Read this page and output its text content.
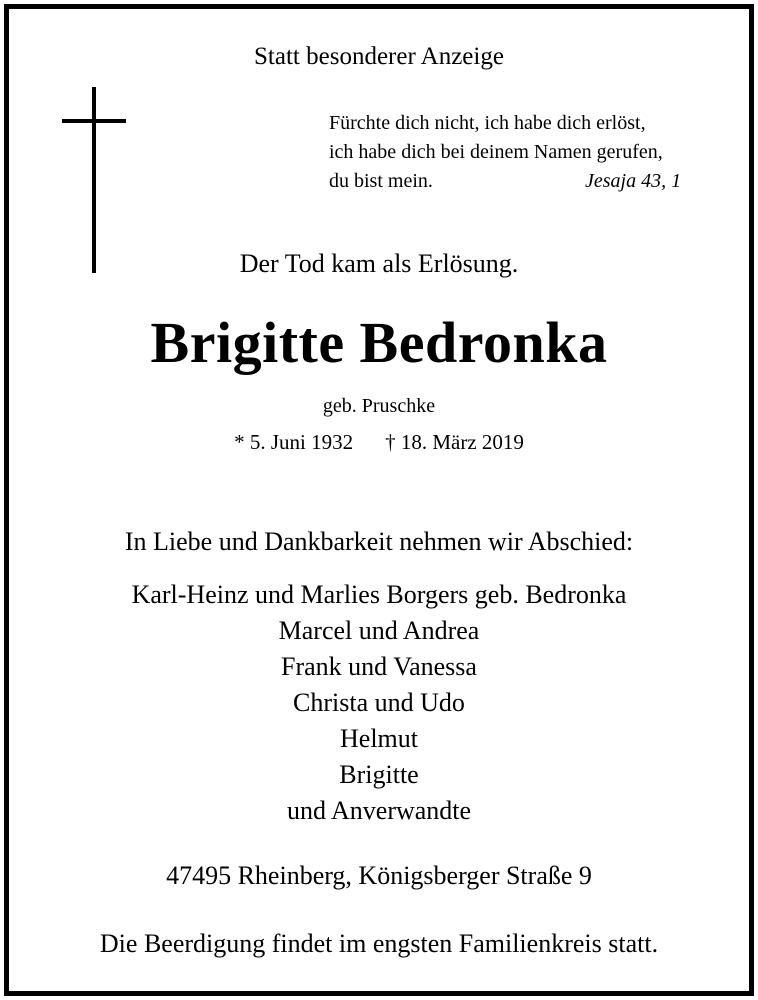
Statt besonderer Anzeige
Fürchte dich nicht, ich habe dich erlöst,
ich habe dich bei deinem Namen gerufen,
du bist mein.	Jesaja 43, 1
Der Tod kam als Erlösung.
Brigitte Bedronka
geb. Pruschke
* 5. Juni 1932 † 18. März 2019
In Liebe und Dankbarkeit nehmen wir Abschied:
Karl-Heinz und Marlies Borgers geb. Bedronka
Marcel und Andrea
Frank und Vanessa
Christa und Udo
Helmut
Brigitte
und Anverwandte
47495 Rheinberg, Königsberger Straße 9
Die Beerdigung findet im engsten Familienkreis statt.
